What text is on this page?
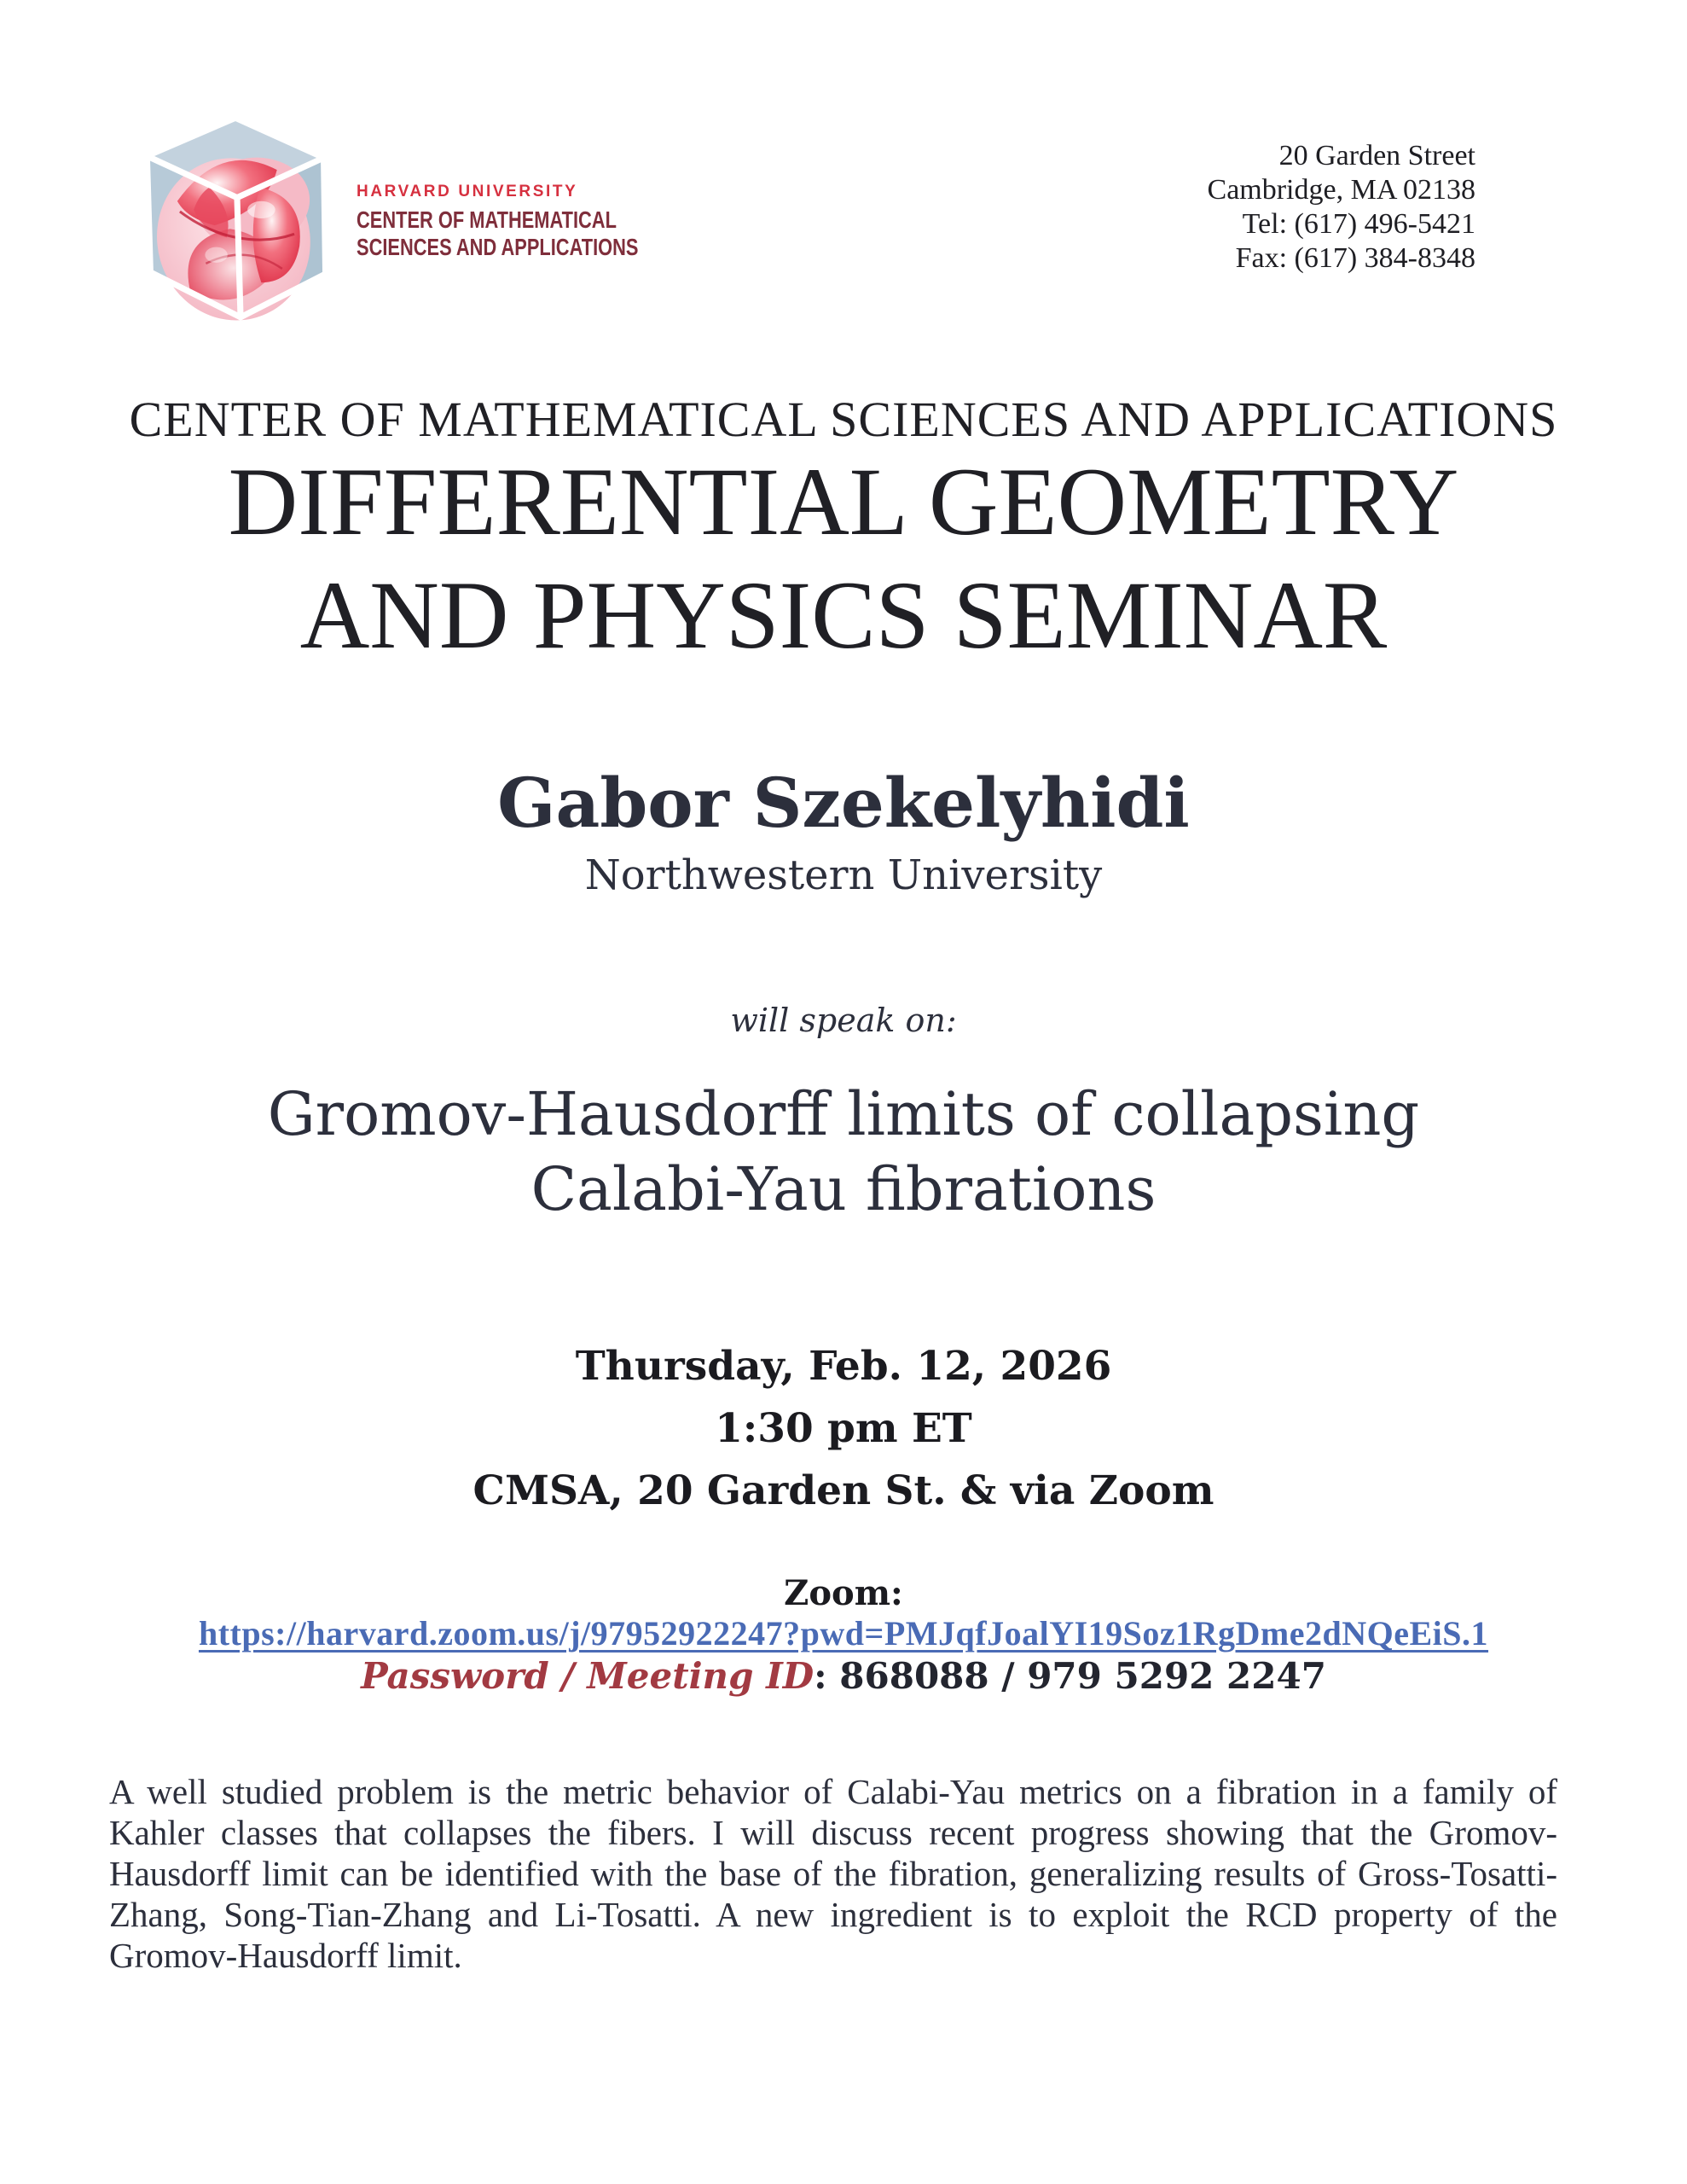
HARVARD UNIVERSITY
CENTER OF MATHEMATICAL
SCIENCES AND APPLICATIONS
20 Garden Street
Cambridge, MA 02138
Tel: (617) 496-5421
Fax: (617) 384-8348
CENTER OF MATHEMATICAL SCIENCES AND APPLICATIONS
DIFFERENTIAL GEOMETRY
AND PHYSICS SEMINAR
Gabor Szekelyhidi
Northwestern University
will speak on:
Gromov-Hausdorff limits of collapsing
Calabi-Yau fibrations
Thursday, Feb. 12, 2026
1:30 pm ET
CMSA, 20 Garden St. & via Zoom
Zoom:
https://harvard.zoom.us/j/97952922247?pwd=PMJqfJoalYI19Soz1RgDme2dNQeEiS.1
Password / Meeting ID: 868088 / 979 5292 2247
A well studied problem is the metric behavior of Calabi-Yau metrics on a fibration in a family of Kahler classes that collapses the fibers. I will discuss recent progress showing that the Gromov-Hausdorff limit can be identified with the base of the fibration, generalizing results of Gross-Tosatti-Zhang, Song-Tian-Zhang and Li-Tosatti. A new ingredient is to exploit the RCD property of the Gromov-Hausdorff limit.
